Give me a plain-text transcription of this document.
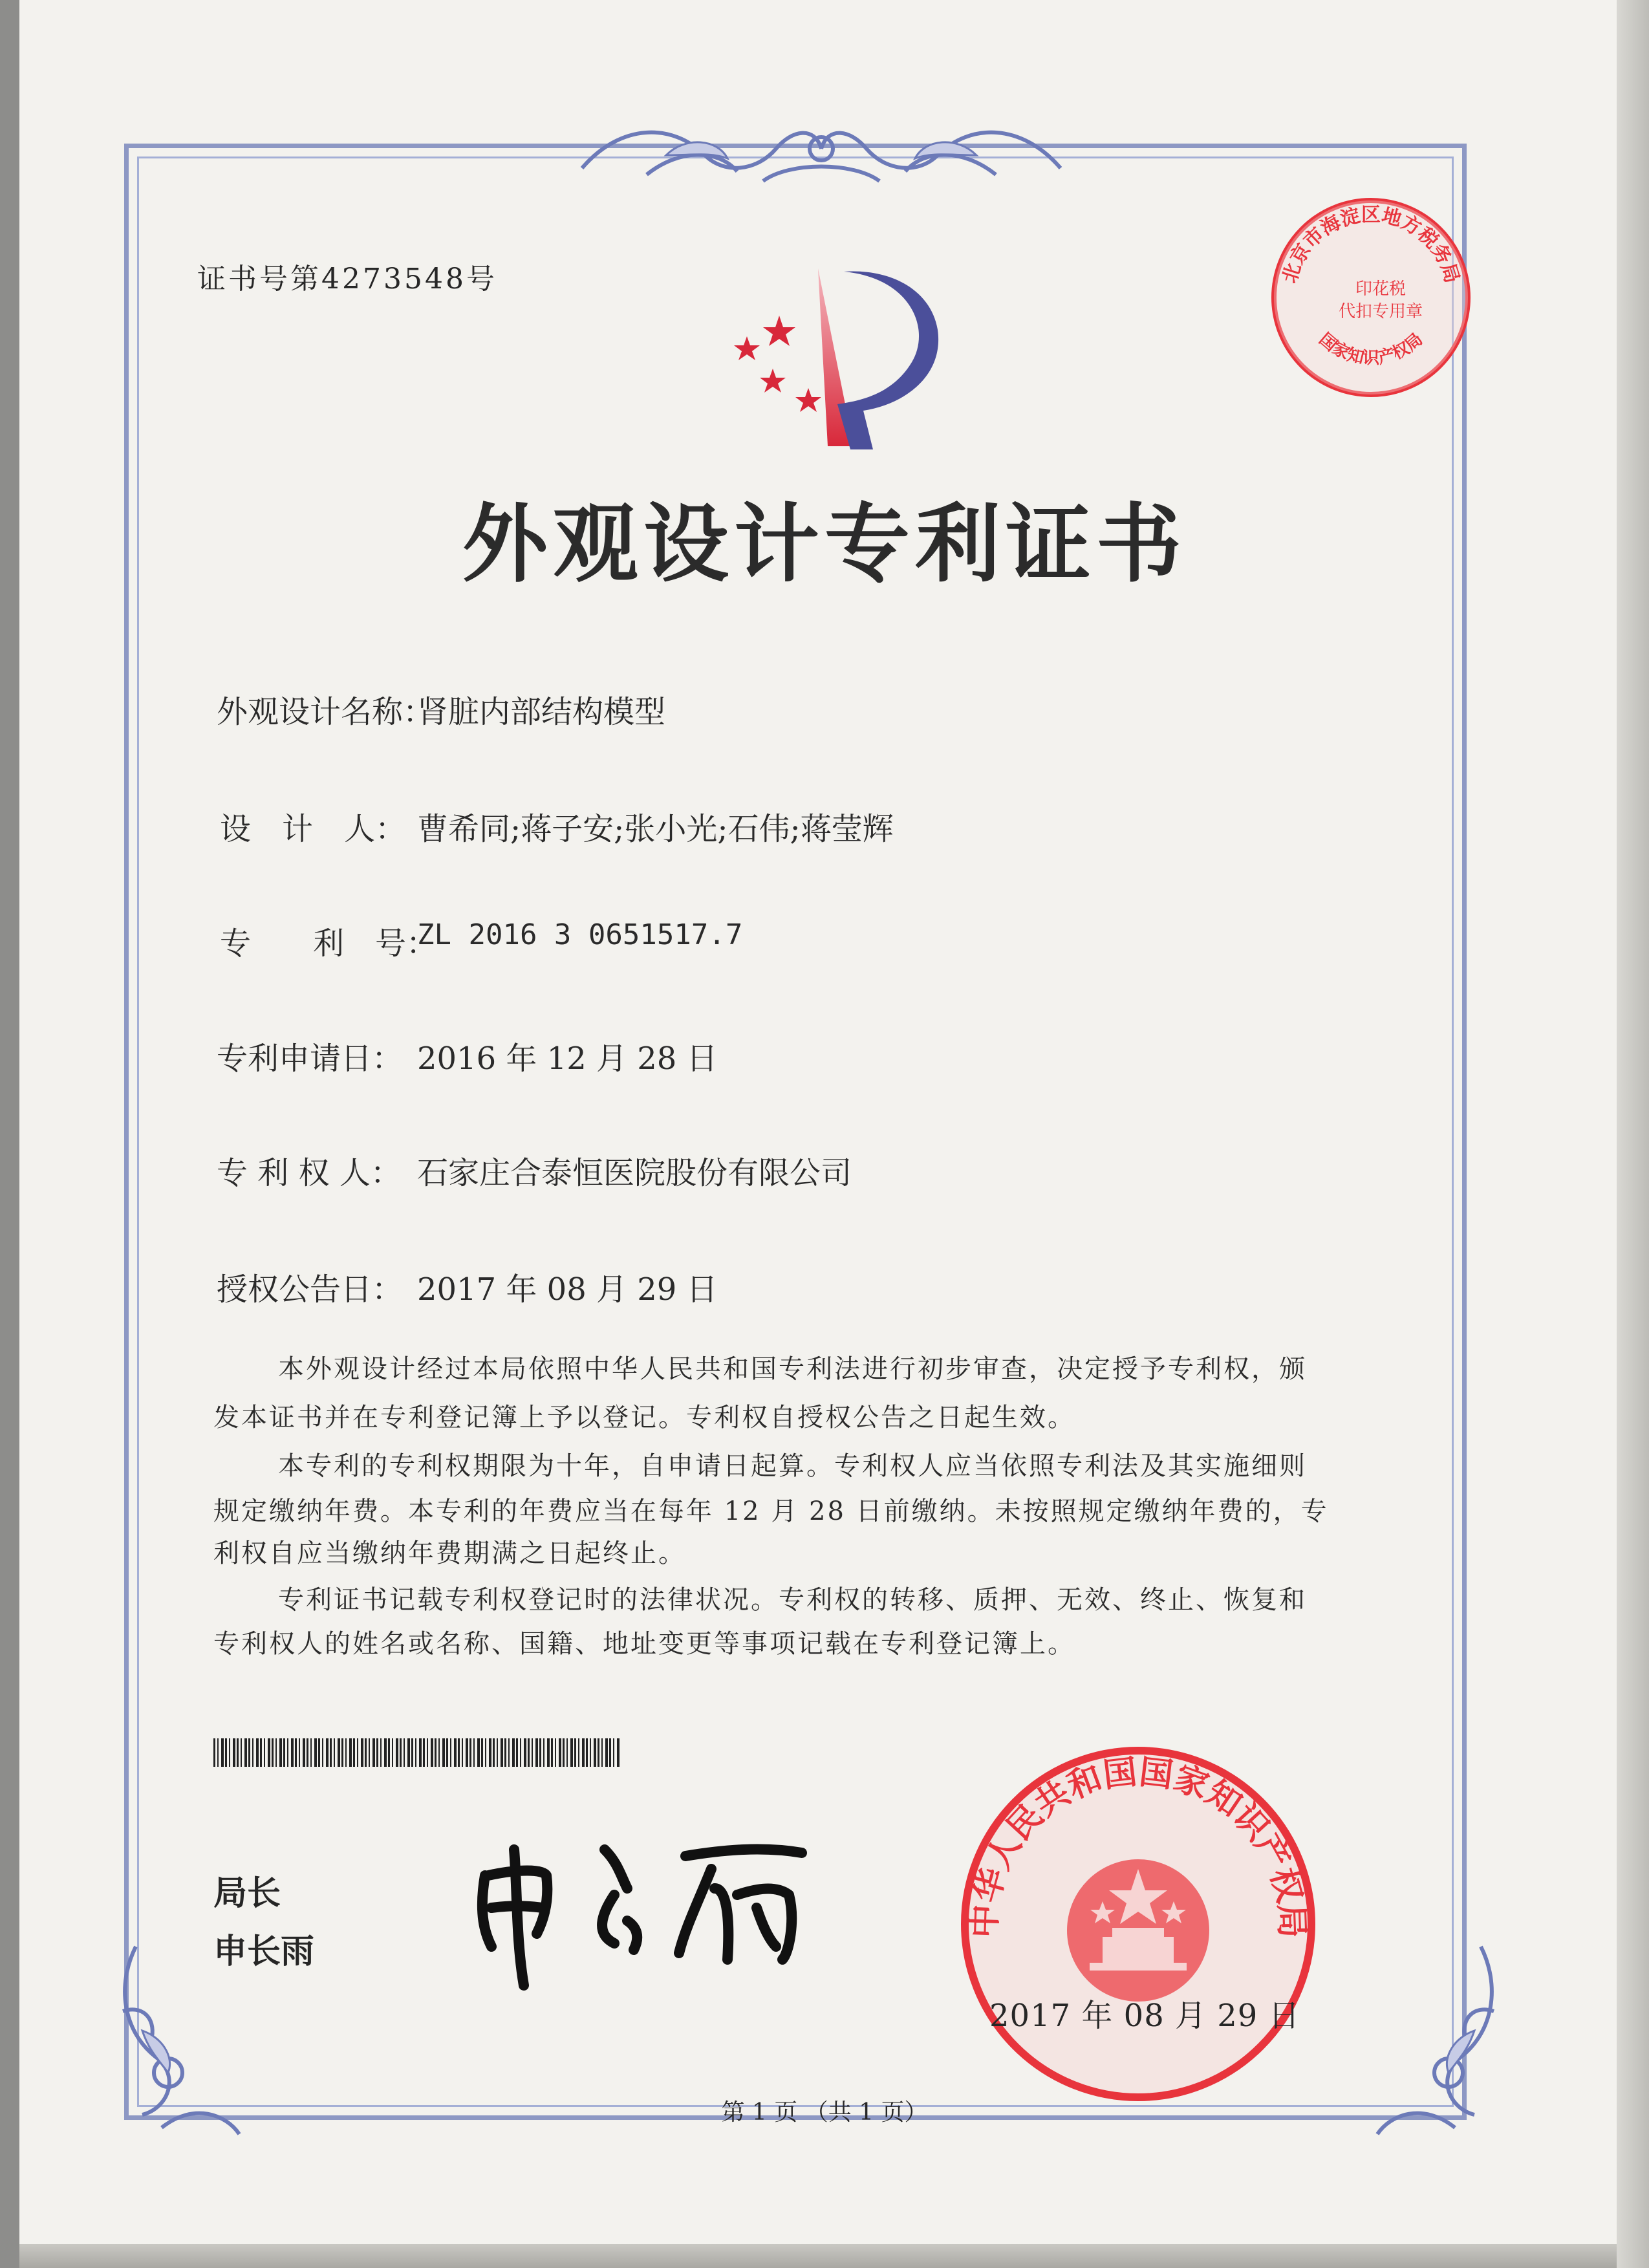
证书号第4273548号	北京市海淀区地方税务局
印花税
代扣专用章
国家知识产权局
外观设计专利证书
外观设计名称：
肾脏内部结构模型
设　计　人： 曹希同;蒋子安;张小光;石伟;蒋莹辉
专　　利　号：
ZL 2016 3 0651517.7
专利申请日： 2016 年 12 月 28 日
专 利 权 人： 石家庄合泰恒医院股份有限公司
授权公告日： 2017 年 08 月 29 日
本外观设计经过本局依照中华人民共和国专利法进行初步审查，决定授予专利权，颁
发本证书并在专利登记簿上予以登记。专利权自授权公告之日起生效。
本专利的专利权期限为十年，自申请日起算。专利权人应当依照专利法及其实施细则
规定缴纳年费。本专利的年费应当在每年 12 月 28 日前缴纳。未按照规定缴纳年费的，专
利权自应当缴纳年费期满之日起终止。
专利证书记载专利权登记时的法律状况。专利权的转移、质押、无效、终止、恢复和
专利权人的姓名或名称、国籍、地址变更等事项记载在专利登记簿上。
局长
申长雨
中华人民共和国国家知识产权局
2017 年 08 月 29 日
第 1 页 （共 1 页）
